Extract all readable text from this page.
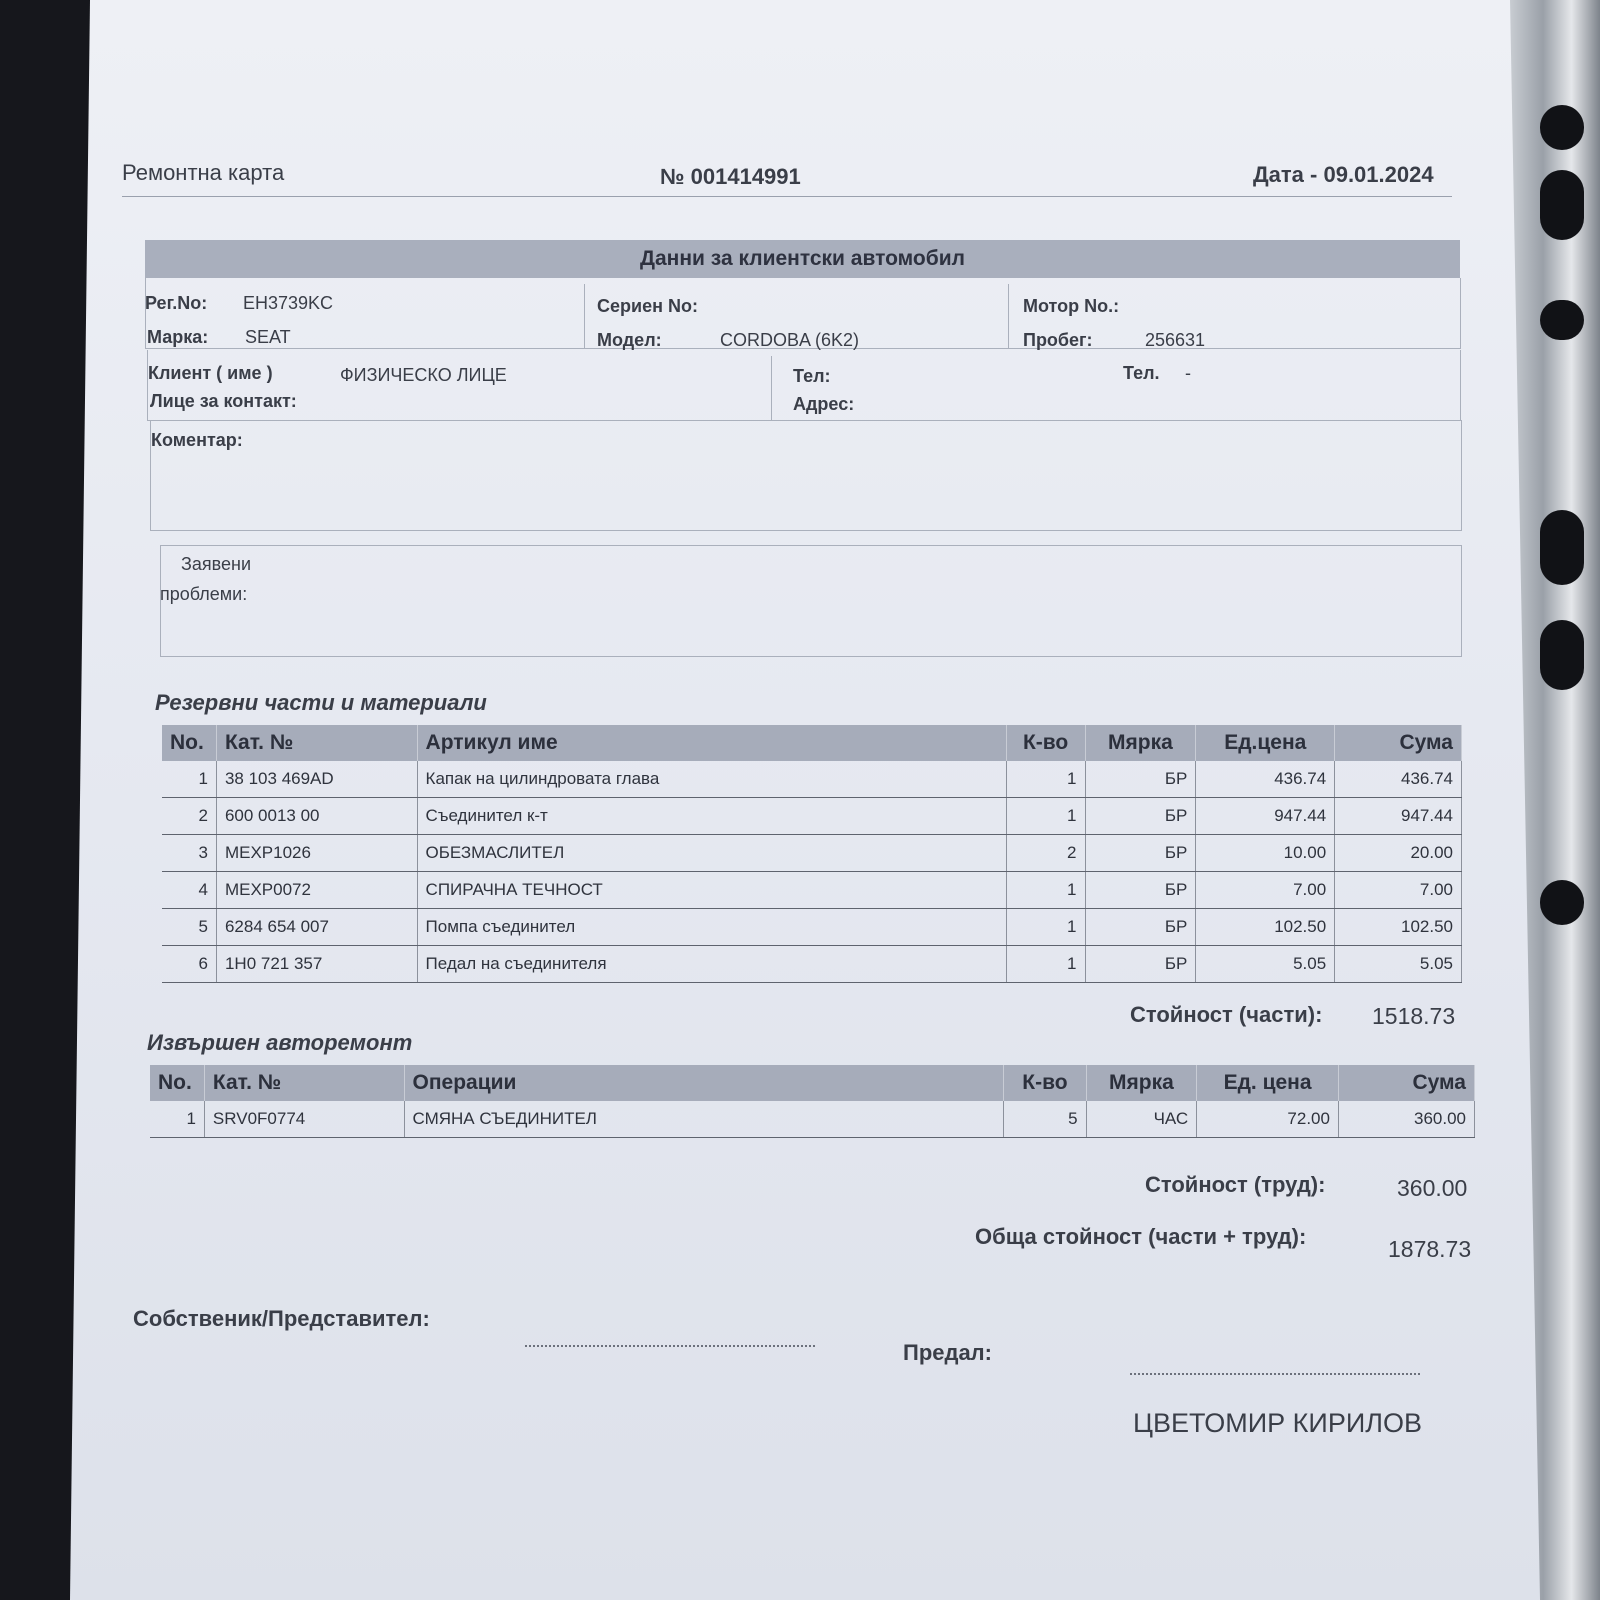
Ремонтна карта	№ 001414991	Дата - 09.01.2024
Данни за клиентски автомобил
Рег.No: EH3739KC
Марка: SEAT
Сериен No:
Модел:	CORDOBA (6K2)
Мотор No.:
Пробег:	256631
Клиент ( име )	ФИЗИЧЕСКО ЛИЦЕ
Лице за контакт:
Тел:
Адрес:
Тел. -
Коментар:
Заявени
проблеми:
Резервни части и материали
No.	Кат. №	Артикул име	К-во	Мярка	Ед.цена	Сума
1	38 103 469AD	Капак на цилиндровата глава	1	БР	436.74	436.74
2	600 0013 00	Съединител к-т	1	БР	947.44	947.44
3	MEXP1026	ОБЕЗМАСЛИТЕЛ	2	БР	10.00	20.00
4	MEXP0072	СПИРАЧНА ТЕЧНОСТ	1	БР	7.00	7.00
5	6284 654 007	Помпа съединител	1	БР	102.50	102.50
6	1H0 721 357	Педал на съединителя	1	БР	5.05	5.05
Стойност (части): 1518.73
Извършен авторемонт
No.	Кат. №	Операции	К-во	Мярка	Ед. цена	Сума
1	SRV0F0774	СМЯНА СЪЕДИНИТЕЛ	5	ЧАС	72.00	360.00
Стойност (труд):	360.00
Обща стойност (части + труд):	1878.73
Собственик/Представител:
Предал:
ЦВЕТОМИР КИРИЛОВ
